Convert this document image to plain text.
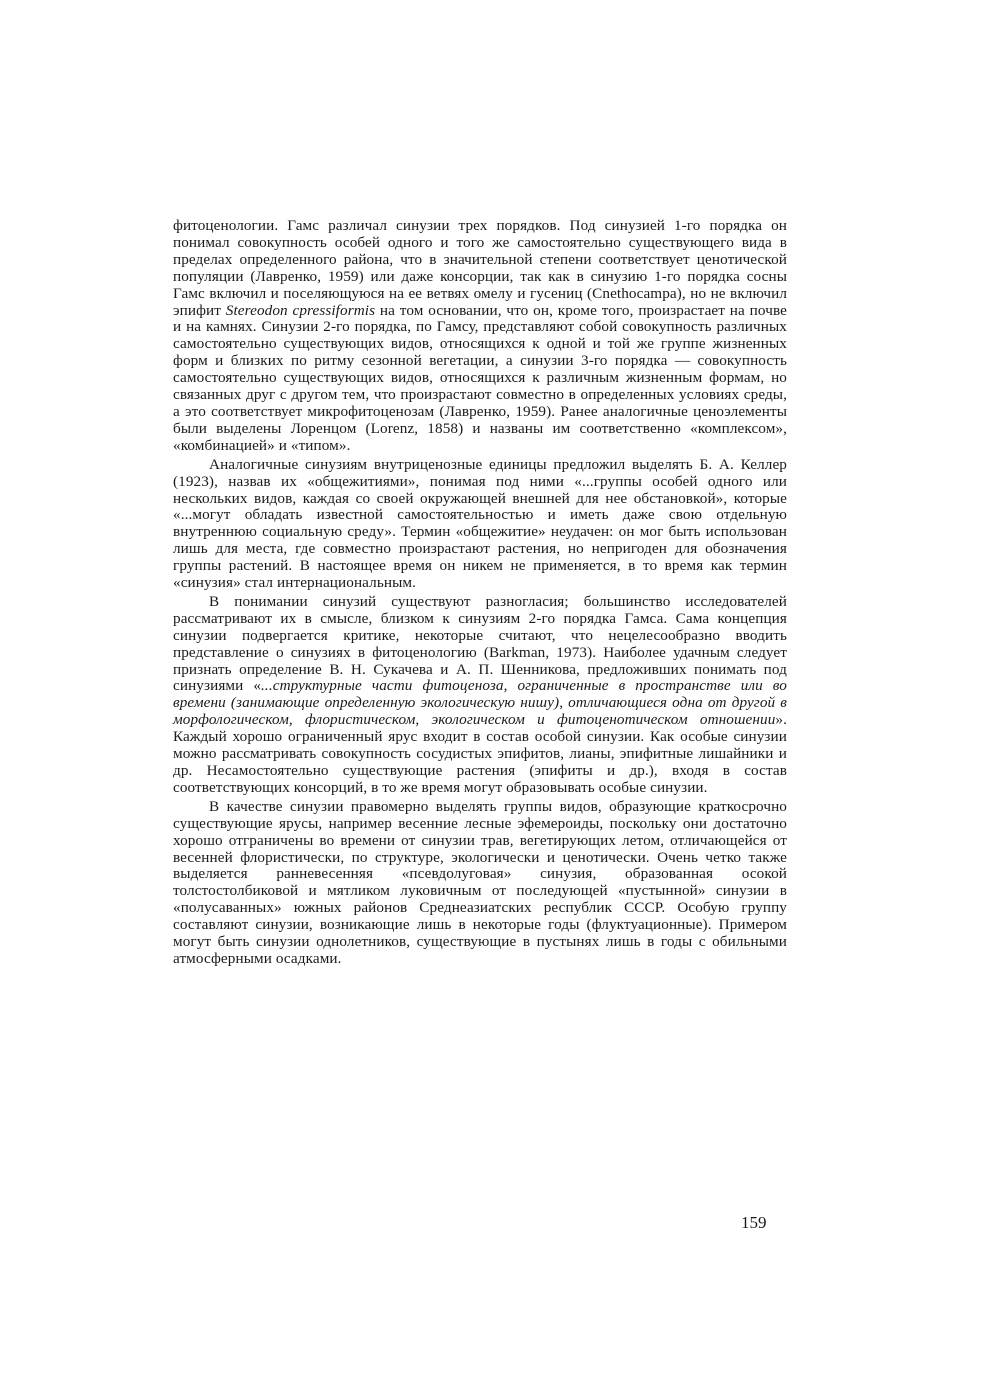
фитоценологии. Гамс различал синузии трех порядков. Под синузией 1-го порядка он понимал совокупность особей одного и того же самостоятельно существующего вида в пределах определенного района, что в значительной степени соответствует ценотической популяции (Лавренко, 1959) или даже консорции, так как в синузию 1-го порядка сосны Гамс включил и поселяющуюся на ее ветвях омелу и гусениц (Cnethocampa), но не включил эпифит Stereodon cpressiformis на том основании, что он, кроме того, произрастает на почве и на камнях. Синузии 2-го порядка, по Гамсу, представляют собой совокупность различных самостоятельно существующих видов, относящихся к одной и той же группе жизненных форм и близких по ритму сезонной вегетации, а синузии 3-го порядка — совокупность самостоятельно существующих видов, относящихся к различным жизненным формам, но связанных друг с другом тем, что произрастают совместно в определенных условиях среды, а это соответствует микрофитоценозам (Лавренко, 1959). Ранее аналогичные ценоэлементы были выделены Лоренцом (Lorenz, 1858) и названы им соответственно «комплексом», «комбинацией» и «типом».

Аналогичные синузиям внутриценозные единицы предложил выделять Б. А. Келлер (1923), назвав их «общежитиями», понимая под ними «...группы особей одного или нескольких видов, каждая со своей окружающей внешней для нее обстановкой», которые «...могут обладать известной самостоятельностью и иметь даже свою отдельную внутреннюю социальную среду». Термин «общежитие» неудачен: он мог быть использован лишь для места, где совместно произрастают растения, но непригоден для обозначения группы растений. В настоящее время он никем не применяется, в то время как термин «синузия» стал интернациональным.

В понимании синузий существуют разногласия; большинство исследователей рассматривают их в смысле, близком к синузиям 2-го порядка Гамса. Сама концепция синузии подвергается критике, некоторые считают, что нецелесообразно вводить представление о синузиях в фитоценологию (Barkman, 1973). Наиболее удачным следует признать определение В. Н. Сукачева и А. П. Шенникова, предложивших понимать под синузиями «...структурные части фитоценоза, ограниченные в пространстве или во времени (занимающие определенную экологическую нишу), отличающиеся одна от другой в морфологическом, флористическом, экологическом и фитоценотическом отношении». Каждый хорошо ограниченный ярус входит в состав особой синузии. Как особые синузии можно рассматривать совокупность сосудистых эпифитов, лианы, эпифитные лишайники и др. Несамостоятельно существующие растения (эпифиты и др.), входя в состав соответствующих консорций, в то же время могут образовывать особые синузии.

В качестве синузии правомерно выделять группы видов, образующие краткосрочно существующие ярусы, например весенние лесные эфемероиды, поскольку они достаточно хорошо отграничены во времени от синузии трав, вегетирующих летом, отличающейся от весенней флористически, по структуре, экологически и ценотически. Очень четко также выделяется ранневесенняя «псевдолуговая» синузия, образованная осокой толстостолбиковой и мятликом луковичным от последующей «пустынной» синузии в «полусаванных» южных районов Среднеазиатских республик СССР. Особую группу составляют синузии, возникающие лишь в некоторые годы (флуктуационные). Примером могут быть синузии однолетников, существующие в пустынях лишь в годы с обильными атмосферными осадками.

159
